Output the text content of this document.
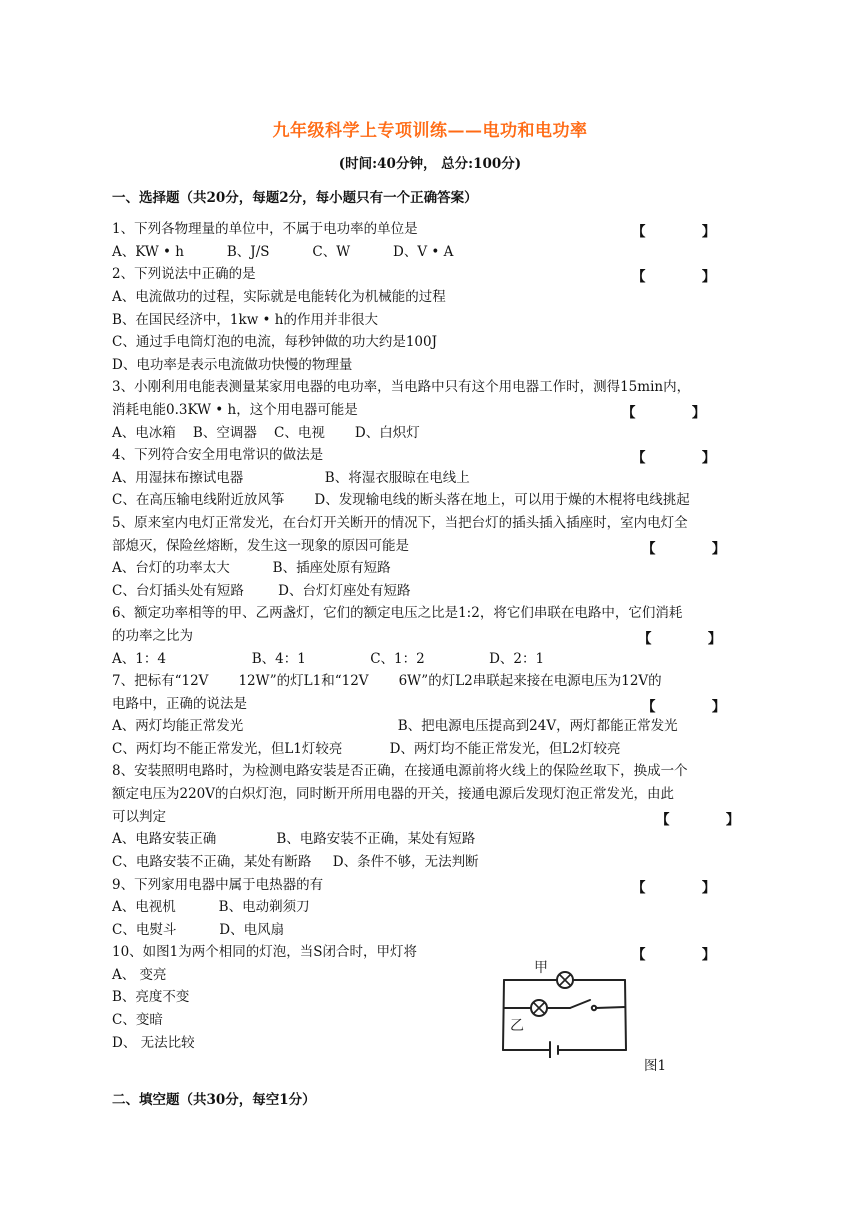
九年级科学上专项训练——电功和电功率
(时间:40分钟， 总分:100分)
一、选择题（共20分，每题2分，每小题只有一个正确答案）
1、下列各物理量的单位中，不属于电功率的单位是	【            】
A、KW • h          B、J/S          C、W          D、V • A
2、下列说法中正确的是	【            】
A、电流做功的过程，实际就是电能转化为机械能的过程
B、在国民经济中，1kw • h的作用并非很大
C、通过手电筒灯泡的电流，每秒钟做的功大约是100J
D、电功率是表示电流做功快慢的物理量
3、小刚利用电能表测量某家用电器的电功率，当电路中只有这个用电器工作时，测得15min内，
消耗电能0.3KW • h，这个用电器可能是	【            】
A、电冰箱    B、空调器    C、电视       D、白炽灯
4、下列符合安全用电常识的做法是	【            】
A、用湿抹布擦试电器                   B、将湿衣服晾在电线上
C、在高压输电线附近放风筝       D、发现输电线的断头落在地上，可以用于燥的木棍将电线挑起
5、原来室内电灯正常发光，在台灯开关断开的情况下，当把台灯的插头插入插座时，室内电灯全
部熄灭，保险丝熔断，发生这一现象的原因可能是	【            】
A、台灯的功率太大          B、插座处原有短路
C、台灯插头处有短路        D、台灯灯座处有短路
6、额定功率相等的甲、乙两盏灯，它们的额定电压之比是1:2，将它们串联在电路中，它们消耗
的功率之比为	【            】
A、1：4                    B、4：1               C、1：2               D、2：1
7、把标有“12V       12W”的灯L1和“12V       6W”的灯L2串联起来接在电源电压为12V的
电路中，正确的说法是	【            】
A、两灯均能正常发光                                    B、把电源电压提高到24V，两灯都能正常发光
C、两灯均不能正常发光，但L1灯较亮           D、两灯均不能正常发光，但L2灯较亮
8、安装照明电路时，为检测电路安装是否正确，在接通电源前将火线上的保险丝取下，换成一个
额定电压为220V的白炽灯泡，同时断开所用电器的开关，接通电源后发现灯泡正常发光，由此
可以判定	【            】
A、电路安装正确              B、电路安装不正确，某处有短路
C、电路安装不正确，某处有断路     D、条件不够，无法判断
9、下列家用电器中属于电热器的有	【            】
A、电视机          B、电动剃须刀
C、电熨斗          D、电风扇
10、如图1为两个相同的灯泡，当S闭合时，甲灯将	【            】
A、 变亮
B、亮度不变
C、变暗
D、 无法比较
甲
乙
图1
二、填空题（共30分，每空1分）
